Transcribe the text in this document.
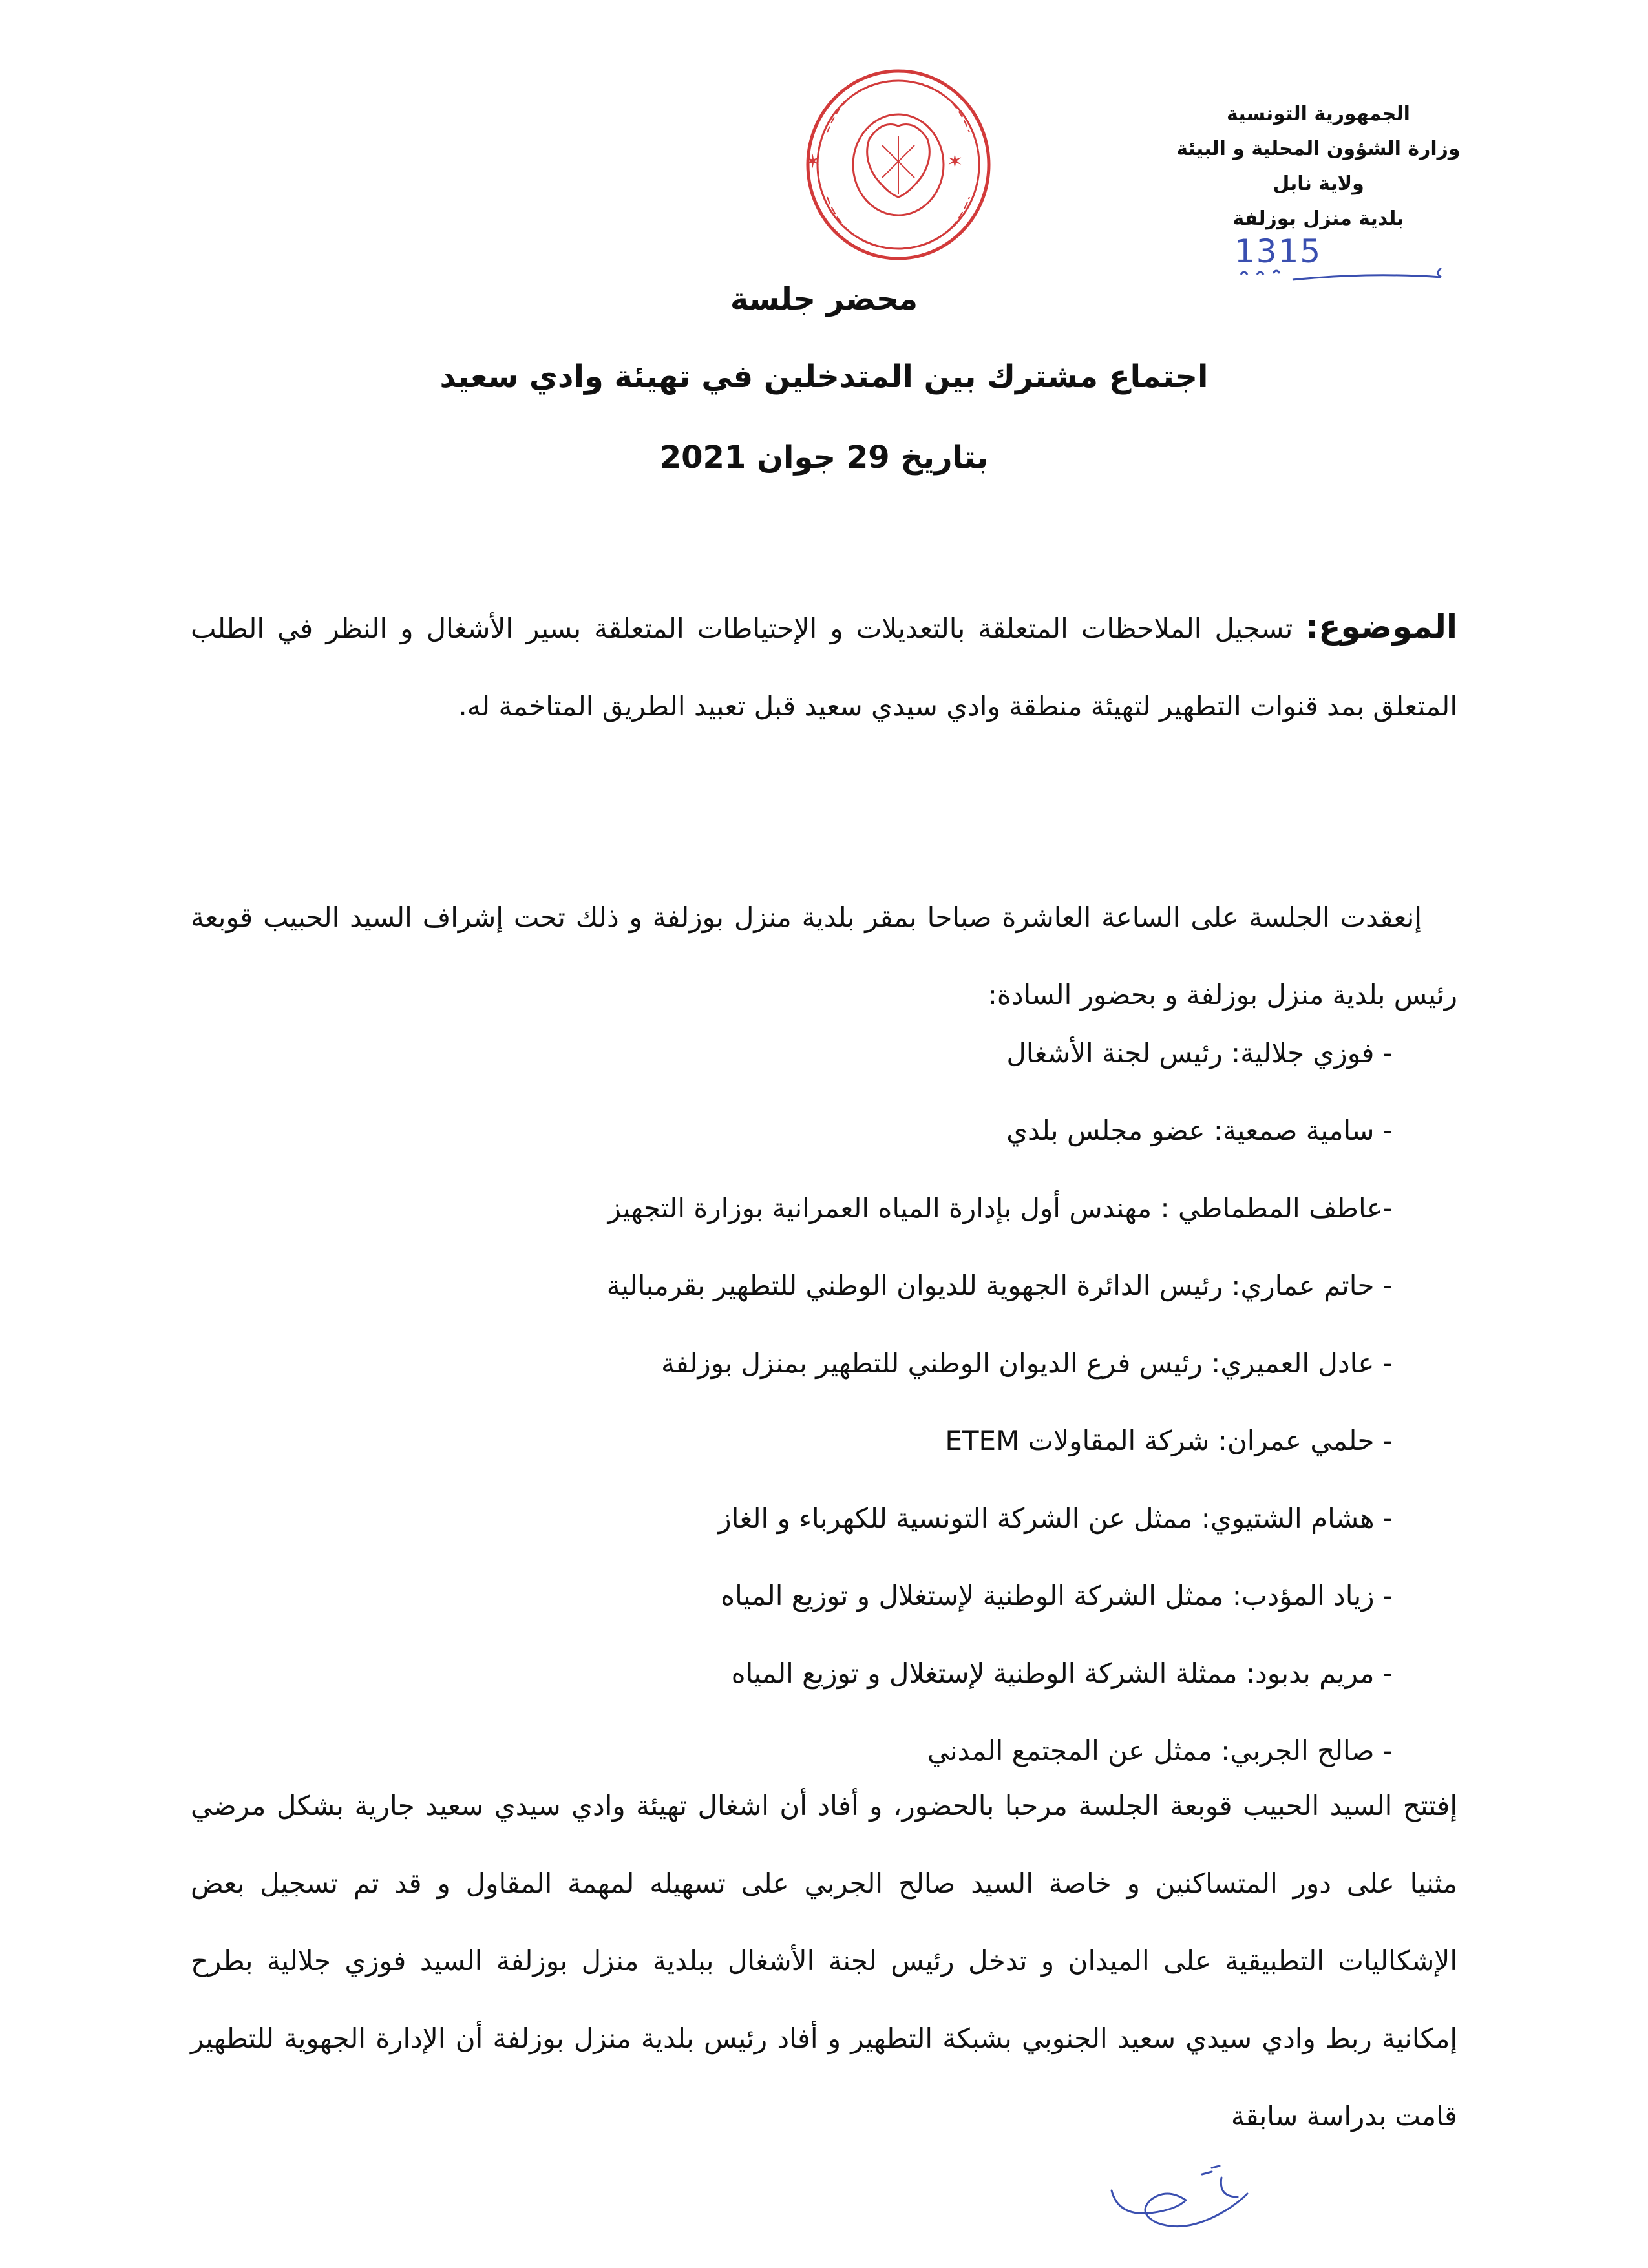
✶	✶
الجمهورية التونسية
وزارة الشؤون المحلية و البيئة
ولاية نابل
بلدية منزل بوزلفة
1315
محضر جلسة
اجتماع مشترك بين المتدخلين في تهيئة وادي سعيد
بتاريخ 29 جوان 2021
الموضوع: تسجيل الملاحظات المتعلقة بالتعديلات و الإحتياطات المتعلقة بسير الأشغال و النظر في الطلب المتعلق بمد قنوات التطهير لتهيئة منطقة وادي سيدي سعيد قبل تعبيد الطريق المتاخمة له.
إنعقدت الجلسة على الساعة العاشرة صباحا بمقر بلدية منزل بوزلفة و ذلك تحت إشراف السيد الحبيب قوبعة رئيس بلدية منزل بوزلفة و بحضور السادة:
- فوزي جلالية: رئيس لجنة الأشغال
- سامية صمعية: عضو مجلس بلدي
-عاطف المطماطي : مهندس أول بإدارة المياه العمرانية بوزارة التجهيز
- حاتم عماري: رئيس الدائرة الجهوية للديوان الوطني للتطهير بقرمبالية
- عادل العميري: رئيس فرع الديوان الوطني للتطهير بمنزل بوزلفة
- حلمي عمران: شركة المقاولات ETEM
- هشام الشتيوي: ممثل عن الشركة التونسية للكهرباء و الغاز
- زياد المؤدب: ممثل الشركة الوطنية لإستغلال و توزيع المياه
- مريم بدبود: ممثلة الشركة الوطنية لإستغلال و توزيع المياه
- صالح الجربي: ممثل عن المجتمع المدني
إفتتح السيد الحبيب قوبعة الجلسة مرحبا بالحضور، و أفاد أن اشغال تهيئة وادي سيدي سعيد جارية بشكل مرضي مثنيا على دور المتساكنين و خاصة السيد صالح الجربي على تسهيله لمهمة المقاول و قد تم تسجيل بعض الإشكاليات التطبيقية على الميدان و تدخل رئيس لجنة الأشغال ببلدية منزل بوزلفة السيد فوزي جلالية بطرح إمكانية ربط وادي سيدي سعيد الجنوبي بشبكة التطهير و أفاد رئيس بلدية منزل بوزلفة أن الإدارة الجهوية للتطهير قامت بدراسة سابقة
